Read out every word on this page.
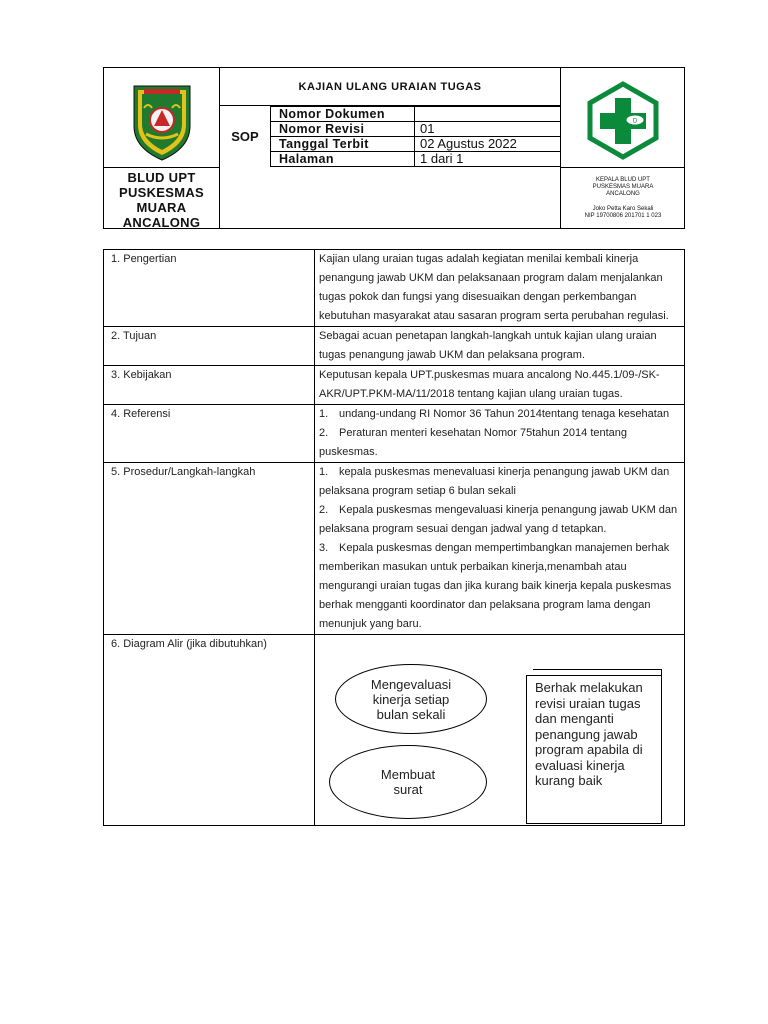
BLUD UPT
PUSKESMAS
MUARA
ANCALONG
KAJIAN ULANG URAIAN TUGAS
SOP
Nomor Dokumen
Nomor Revisi	01
Tanggal Terbit	02 Agustus 2022
Halaman	1 dari 1
D
KEPALA BLUD UPT
PUSKESMAS MUARA
ANCALONG
Joko Petta Karo Sekali
NIP 19700806 201701 1 023
1. Pengertian	Kajian ulang uraian tugas adalah kegiatan menilai kembali kinerja penangung jawab UKM dan pelaksanaan program dalam menjalankan tugas pokok dan fungsi yang disesuaikan dengan perkembangan kebutuhan masyarakat atau sasaran program serta perubahan regulasi.
2. Tujuan	Sebagai acuan penetapan langkah-langkah untuk kajian ulang uraian tugas penangung jawab UKM dan pelaksana program.
3. Kebijakan	Keputusan kepala UPT.puskesmas muara ancalong No.445.1/09-/SK-AKR/UPT.PKM-MA/11/2018 tentang kajian ulang uraian tugas.
4. Referensi	1. undang-undang RI Nomor 36 Tahun 2014tentang tenaga kesehatan
2. Peraturan menteri kesehatan Nomor 75tahun 2014 tentang puskesmas.

5. Prosedur/Langkah-langkah	1. kepala puskesmas menevaluasi kinerja penangung jawab UKM dan pelaksana program setiap 6 bulan sekali
2. Kepala puskesmas mengevaluasi kinerja penangung jawab UKM dan pelaksana program sesuai dengan jadwal yang d tetapkan.
3. Kepala puskesmas dengan mempertimbangkan manajemen berhak memberikan masukan untuk perbaikan kinerja,menambah atau mengurangi uraian tugas dan jika kurang baik kinerja kepala puskesmas berhak mengganti koordinator dan pelaksana program lama dengan menunjuk yang baru.

6. Diagram Alir (jika dibutuhkan)	Mengevaluasi kinerja setiap bulan sekali
Membuat surat
Berhak melakukan revisi uraian tugas dan menganti penangung jawab program apabila di evaluasi kinerja kurang baik
